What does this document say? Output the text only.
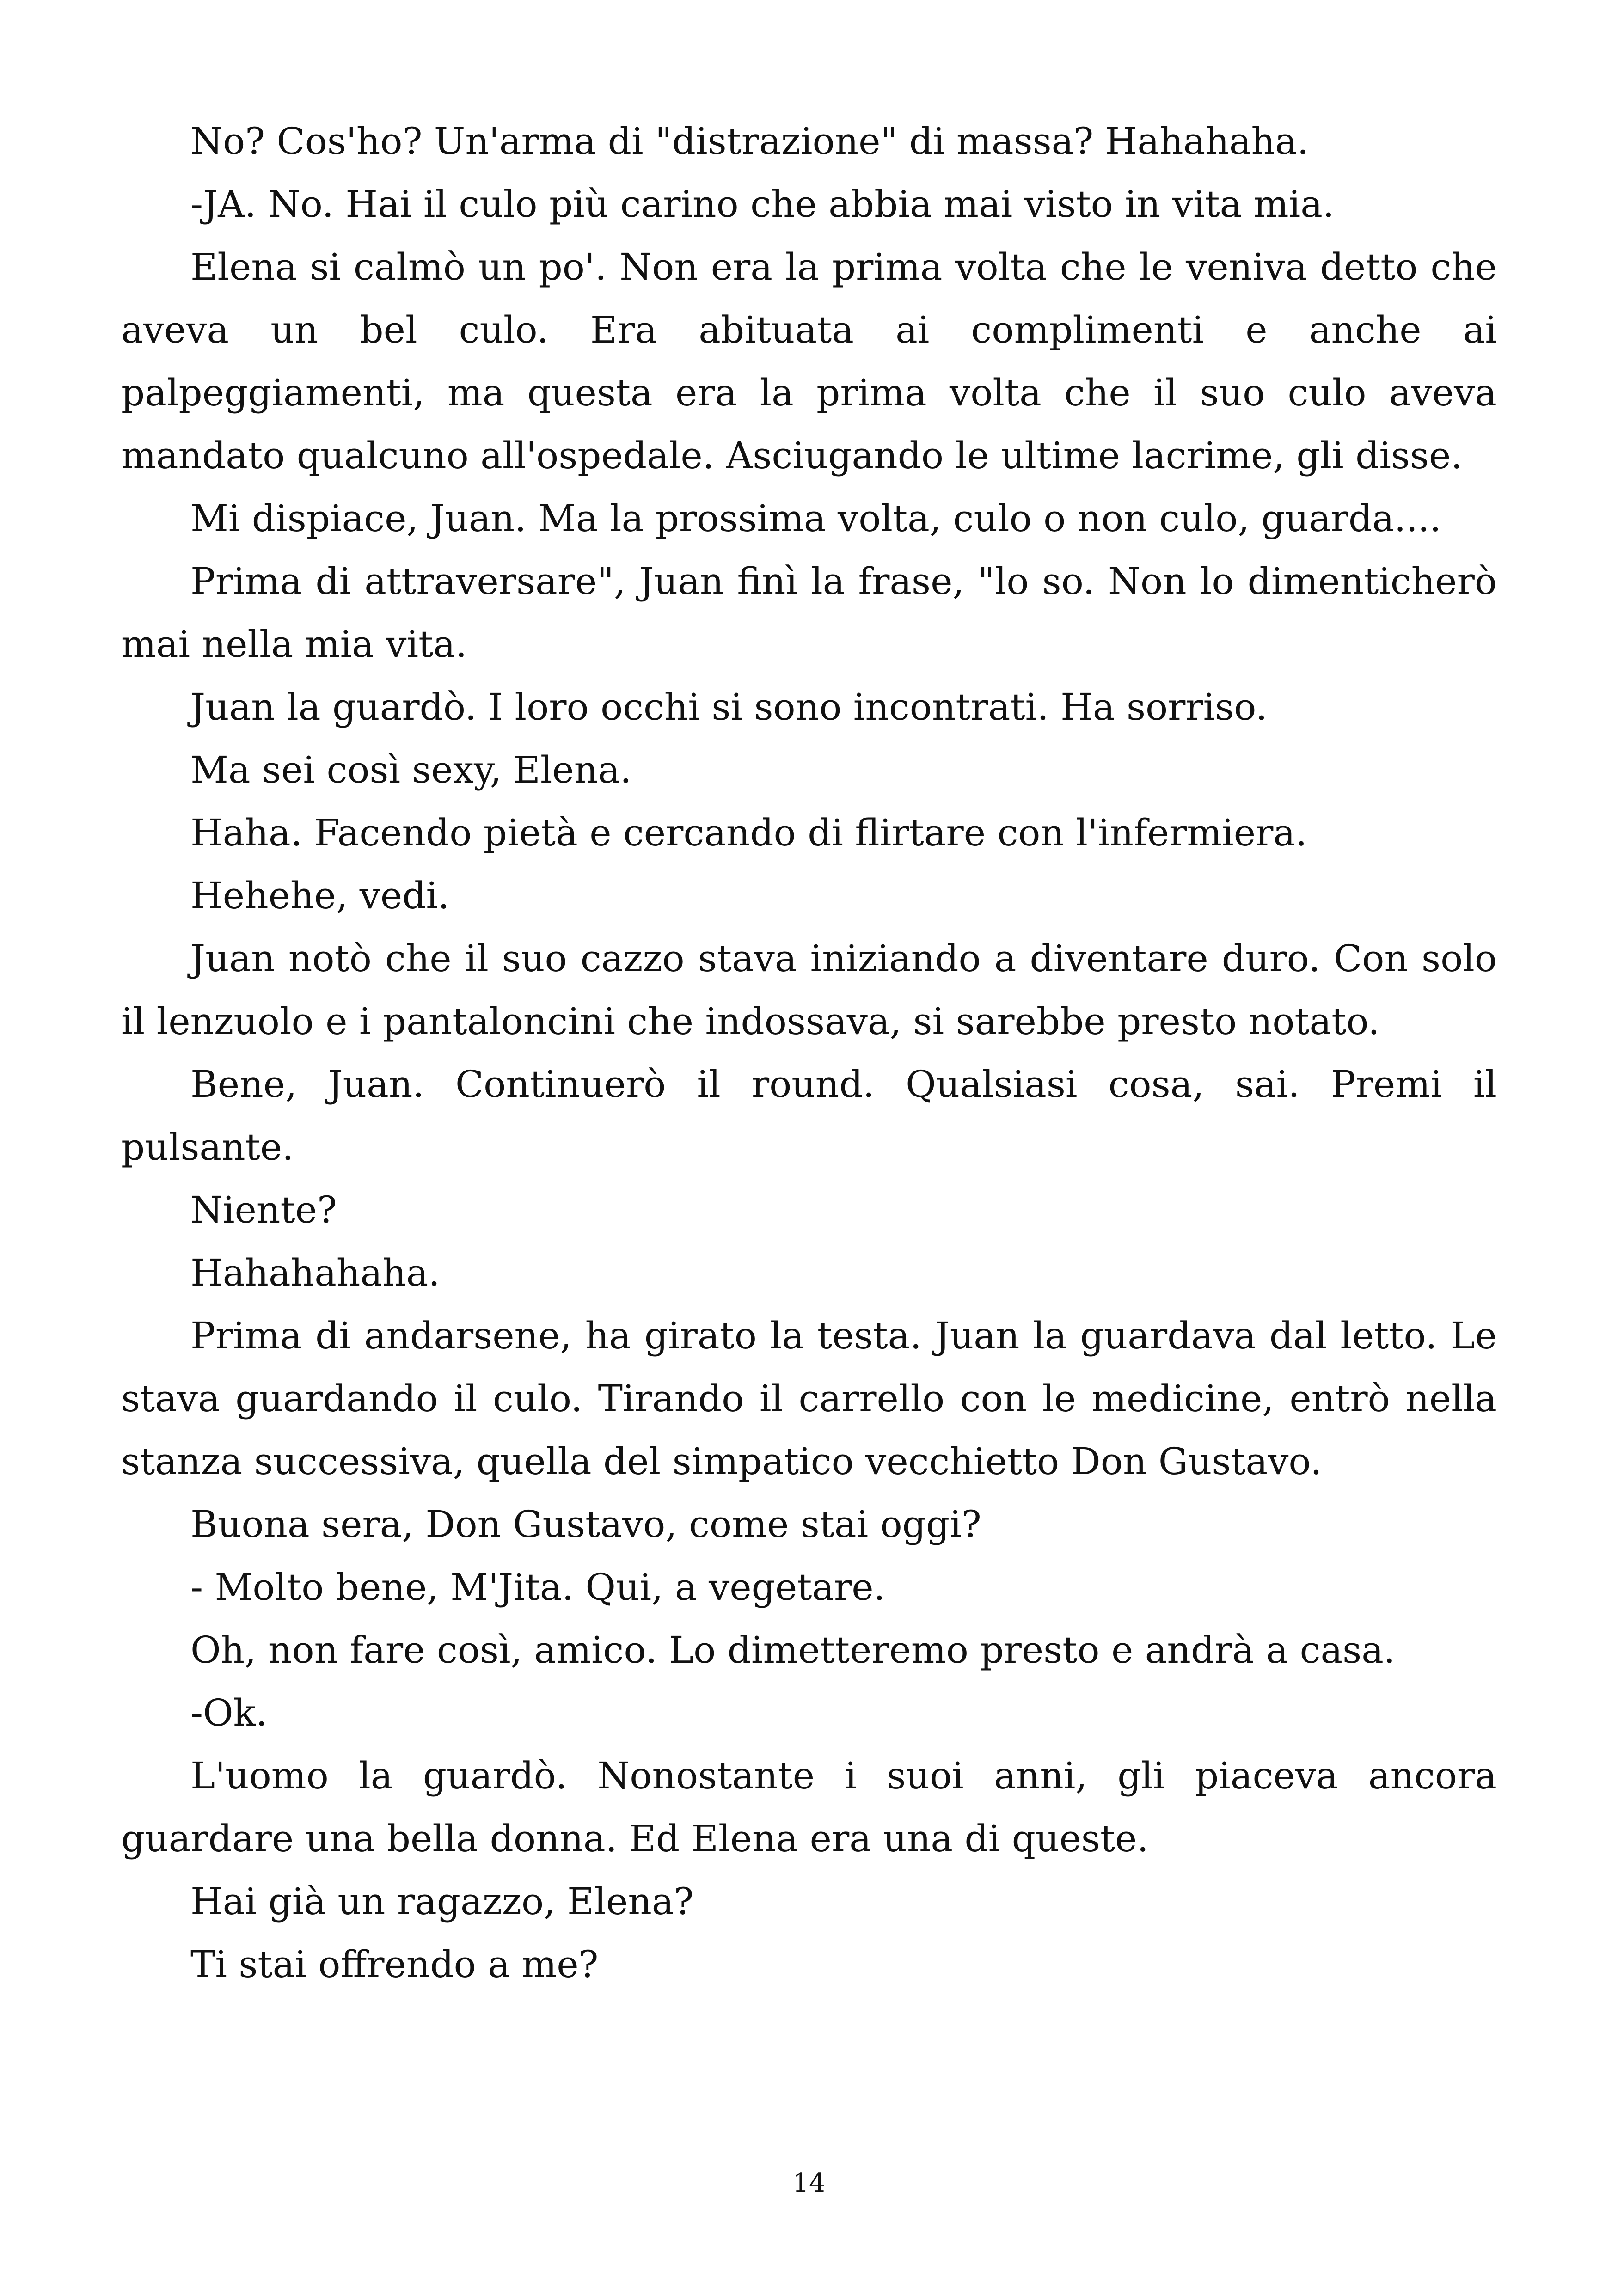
No? Cos'ho? Un'arma di "distrazione" di massa? Hahahaha.

-JA. No. Hai il culo più carino che abbia mai visto in vita mia.

Elena si calmò un po'. Non era la prima volta che le veniva detto che aveva un bel culo. Era abituata ai complimenti e anche ai palpeggiamenti, ma questa era la prima volta che il suo culo aveva mandato qualcuno all'ospedale. Asciugando le ultime lacrime, gli disse.

Mi dispiace, Juan. Ma la prossima volta, culo o non culo, guarda....

Prima di attraversare", Juan finì la frase, "lo so. Non lo dimenticherò mai nella mia vita.

Juan la guardò. I loro occhi si sono incontrati. Ha sorriso.

Ma sei così sexy, Elena.

Haha. Facendo pietà e cercando di flirtare con l'infermiera.

Hehehe, vedi.

Juan notò che il suo cazzo stava iniziando a diventare duro. Con solo il lenzuolo e i pantaloncini che indossava, si sarebbe presto notato.

Bene, Juan. Continuerò il round. Qualsiasi cosa, sai. Premi il pulsante.

Niente?

Hahahahaha.

Prima di andarsene, ha girato la testa. Juan la guardava dal letto. Le stava guardando il culo. Tirando il carrello con le medicine, entrò nella stanza successiva, quella del simpatico vecchietto Don Gustavo.

Buona sera, Don Gustavo, come stai oggi?

- Molto bene, M'Jita. Qui, a vegetare.

Oh, non fare così, amico. Lo dimetteremo presto e andrà a casa.

-Ok.

L'uomo la guardò. Nonostante i suoi anni, gli piaceva ancora guardare una bella donna. Ed Elena era una di queste.

Hai già un ragazzo, Elena?

Ti stai offrendo a me?

14
